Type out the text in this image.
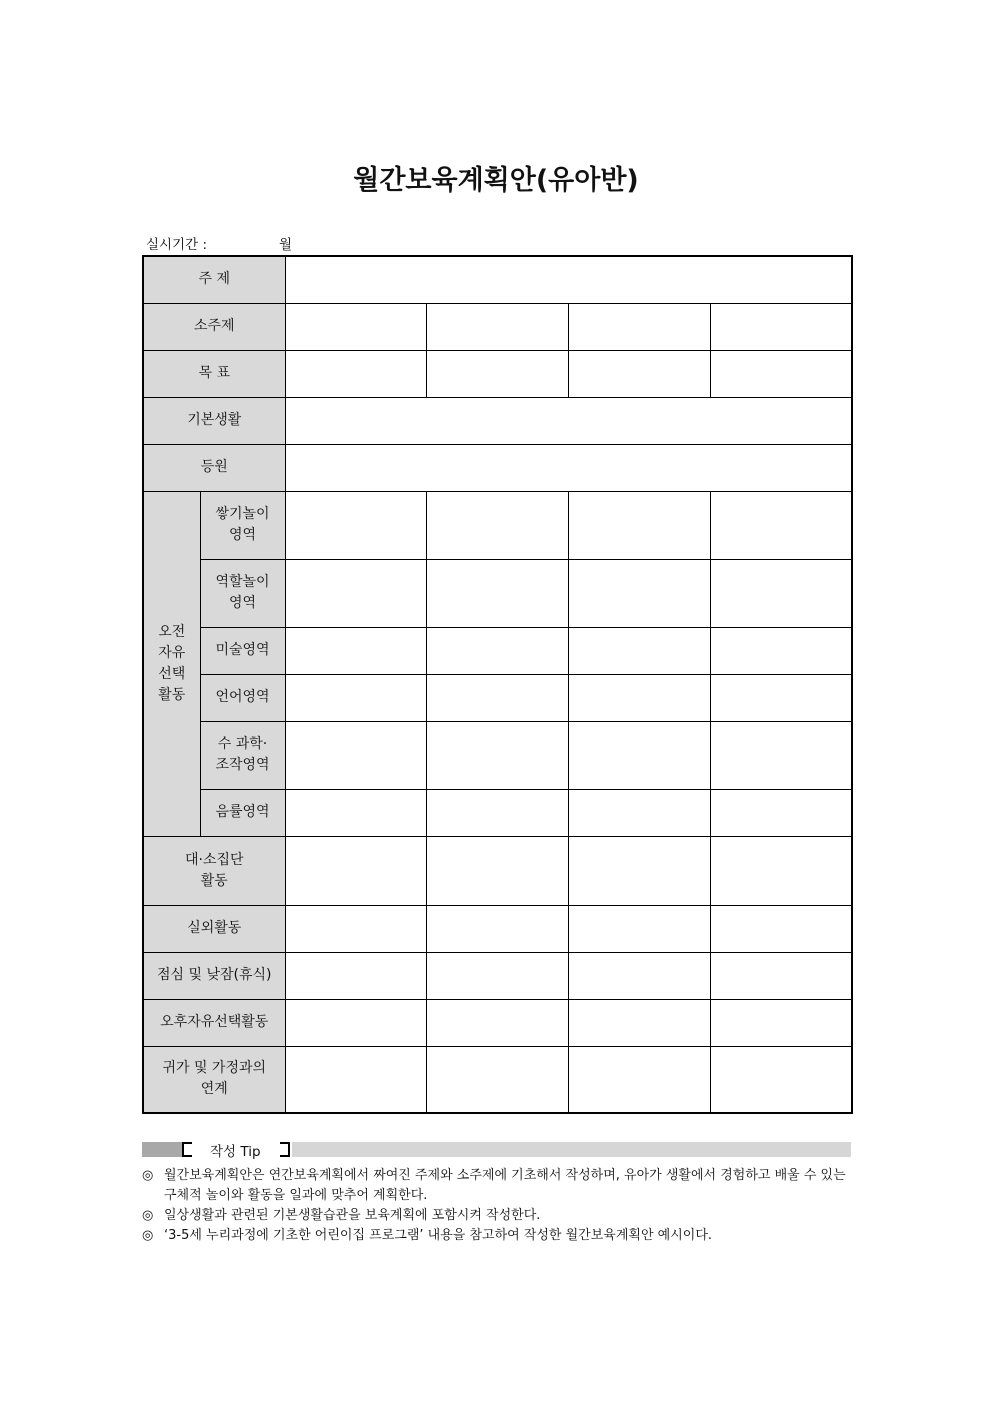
월간보육계획안(유아반)
실시기간 :	월
주 제					
소주제					
목 표					
기본생활					
등원					
오전
자유
선택
활동	쌓기놀이
영역				
	역할놀이
영역				
	미술영역				
	언어영역				
	수 과학·
조작영역				
	음률영역				
대·소집단
활동					
실외활동					
점심 및 낮잠(휴식)					
오후자유선택활동					
귀가 및 가정과의
연계					
작성 Tip
◎ 월간보육계획안은 연간보육계획에서 짜여진 주제와 소주제에 기초해서 작성하며, 유아가 생활에서 경험하고 배울 수 있는 구체적 놀이와 활동을 일과에 맞추어 계획한다.
◎ 일상생활과 관련된 기본생활습관을 보육계획에 포함시켜 작성한다.
◎ ‘3-5세 누리과정에 기초한 어린이집 프로그램’ 내용을 참고하여 작성한 월간보육계획안 예시이다.
